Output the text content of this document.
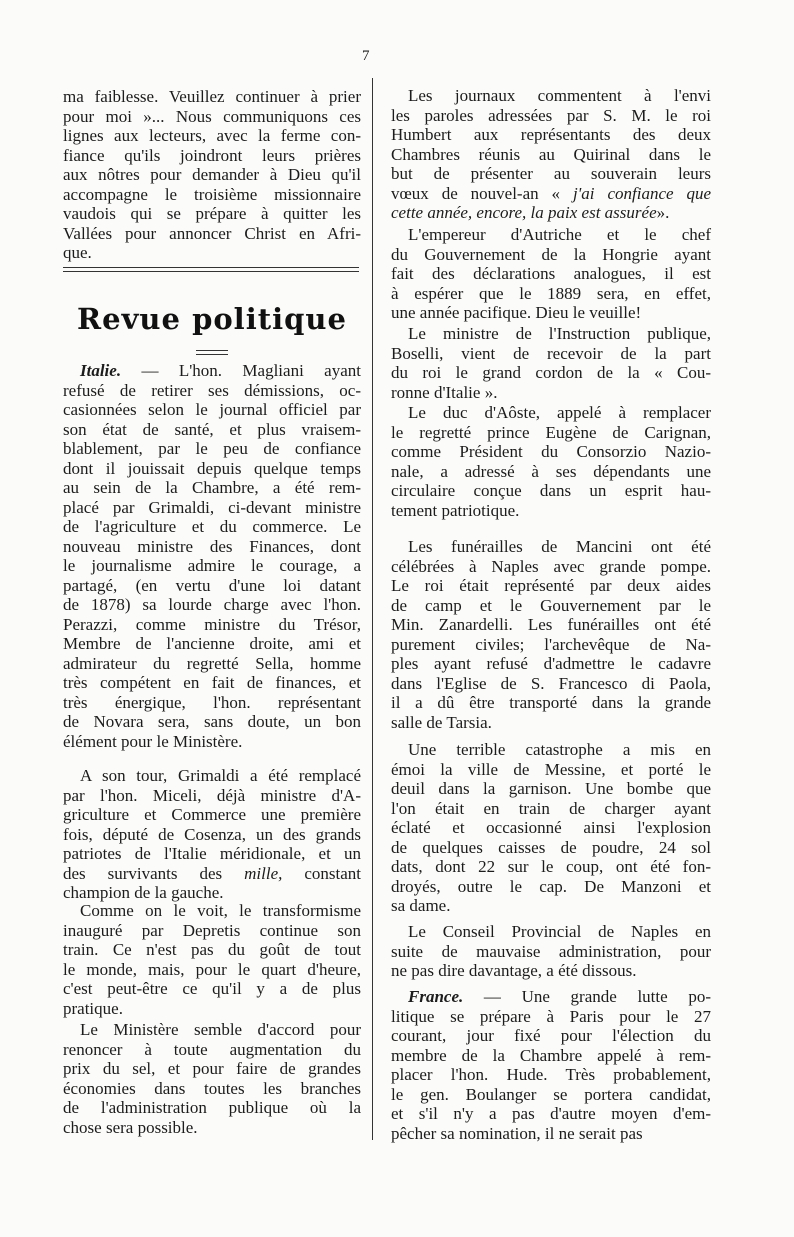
7
Revue politique
ma faiblesse. Veuillez continuer à prier
pour moi »... Nous communiquons ces
lignes aux lecteurs, avec la ferme con-
fiance qu'ils joindront leurs prières
aux nôtres pour demander à Dieu qu'il
accompagne le troisième missionnaire
vaudois qui se prépare à quitter les
Vallées pour annoncer Christ en Afri-
que.
Italie. — L'hon. Magliani ayant
refusé de retirer ses démissions, oc-
casionnées selon le journal officiel par
son état de santé, et plus vraisem-
blablement, par le peu de confiance
dont il jouissait depuis quelque temps
au sein de la Chambre, a été rem-
placé par Grimaldi, ci-devant ministre
de l'agriculture et du commerce. Le
nouveau ministre des Finances, dont
le journalisme admire le courage, a
partagé, (en vertu d'une loi datant
de 1878) sa lourde charge avec l'hon.
Perazzi, comme ministre du Trésor,
Membre de l'ancienne droite, ami et
admirateur du regretté Sella, homme
très compétent en fait de finances, et
très énergique, l'hon. représentant
de Novara sera, sans doute, un bon
élément pour le Ministère.
A son tour, Grimaldi a été remplacé
par l'hon. Miceli, déjà ministre d'A-
griculture et Commerce une première
fois, député de Cosenza, un des grands
patriotes de l'Italie méridionale, et un
des survivants des mille, constant
champion de la gauche.
Comme on le voit, le transformisme
inauguré par Depretis continue son
train. Ce n'est pas du goût de tout
le monde, mais, pour le quart d'heure,
c'est peut-être ce qu'il y a de plus
pratique.
Le Ministère semble d'accord pour
renoncer à toute augmentation du
prix du sel, et pour faire de grandes
économies dans toutes les branches
de l'administration publique où la
chose sera possible.
Les journaux commentent à l'envi
les paroles adressées par S. M. le roi
Humbert aux représentants des deux
Chambres réunis au Quirinal dans le
but de présenter au souverain leurs
vœux de nouvel-an « j'ai confiance que
cette année, encore, la paix est assurée».
L'empereur d'Autriche et le chef
du Gouvernement de la Hongrie ayant
fait des déclarations analogues, il est
à espérer que le 1889 sera, en effet,
une année pacifique. Dieu le veuille!
Le ministre de l'Instruction publique,
Boselli, vient de recevoir de la part
du roi le grand cordon de la « Cou-
ronne d'Italie ».
Le duc d'Aôste, appelé à remplacer
le regretté prince Eugène de Carignan,
comme Président du Consorzio Nazio-
nale, a adressé à ses dépendants une
circulaire conçue dans un esprit hau-
tement patriotique.
Les funérailles de Mancini ont été
célébrées à Naples avec grande pompe.
Le roi était représenté par deux aides
de camp et le Gouvernement par le
Min. Zanardelli. Les funérailles ont été
purement civiles; l'archevêque de Na-
ples ayant refusé d'admettre le cadavre
dans l'Eglise de S. Francesco di Paola,
il a dû être transporté dans la grande
salle de Tarsia.
Une terrible catastrophe a mis en
émoi la ville de Messine, et porté le
deuil dans la garnison. Une bombe que
l'on était en train de charger ayant
éclaté et occasionné ainsi l'explosion
de quelques caisses de poudre, 24 sol
dats, dont 22 sur le coup, ont été fon-
droyés, outre le cap. De Manzoni et
sa dame.
Le Conseil Provincial de Naples en
suite de mauvaise administration, pour
ne pas dire davantage, a été dissous.
France. — Une grande lutte po-
litique se prépare à Paris pour le 27
courant, jour fixé pour l'élection du
membre de la Chambre appelé à rem-
placer l'hon. Hude. Très probablement,
le gen. Boulanger se portera candidat,
et s'il n'y a pas d'autre moyen d'em-
pêcher sa nomination, il ne serait pas
